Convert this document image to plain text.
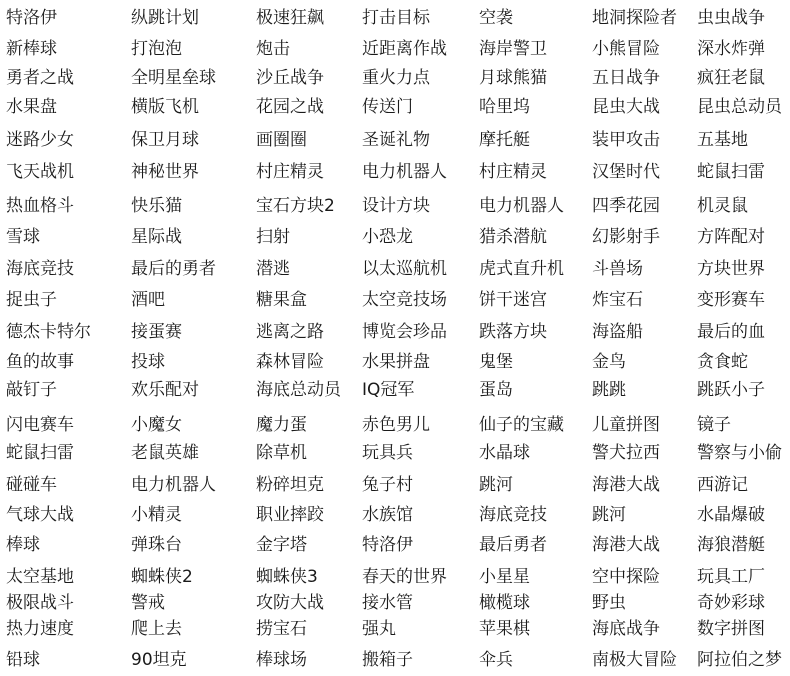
特洛伊	纵跳计划	极速狂飙	打击目标	空袭	地洞探险者	虫虫战争
新棒球	打泡泡	炮击	近距离作战	海岸警卫	小熊冒险	深水炸弹
勇者之战	全明星垒球	沙丘战争	重火力点	月球熊猫	五日战争	疯狂老鼠
水果盘	横版飞机	花园之战	传送门	哈里坞	昆虫大战	昆虫总动员
迷路少女	保卫月球	画圈圈	圣诞礼物	摩托艇	装甲攻击	五基地
飞天战机	神秘世界	村庄精灵	电力机器人	村庄精灵	汉堡时代	蛇鼠扫雷
热血格斗	快乐猫	宝石方块2	设计方块	电力机器人	四季花园	机灵鼠
雪球	星际战	扫射	小恐龙	猎杀潜航	幻影射手	方阵配对
海底竞技	最后的勇者	潜逃	以太巡航机	虎式直升机	斗兽场	方块世界
捉虫子	酒吧	糖果盒	太空竞技场	饼干迷宫	炸宝石	变形赛车
德杰卡特尔	接蛋赛	逃离之路	博览会珍品	跌落方块	海盗船	最后的血
鱼的故事	投球	森林冒险	水果拼盘	鬼堡	金鸟	贪食蛇
敲钉子	欢乐配对	海底总动员	IQ冠军	蛋岛	跳跳	跳跃小子
闪电赛车	小魔女	魔力蛋	赤色男儿	仙子的宝藏	儿童拼图	镜子
蛇鼠扫雷	老鼠英雄	除草机	玩具兵	水晶球	警犬拉西	警察与小偷
碰碰车	电力机器人	粉碎坦克	兔子村	跳河	海港大战	西游记
气球大战	小精灵	职业摔跤	水族馆	海底竞技	跳河	水晶爆破
棒球	弹珠台	金字塔	特洛伊	最后勇者	海港大战	海狼潜艇
太空基地	蜘蛛侠2	蜘蛛侠3	春天的世界	小星星	空中探险	玩具工厂
极限战斗	警戒	攻防大战	接水管	橄榄球	野虫	奇妙彩球
热力速度	爬上去	捞宝石	强丸	苹果棋	海底战争	数字拼图
铅球	90坦克	棒球场	搬箱子	伞兵	南极大冒险	阿拉伯之梦
